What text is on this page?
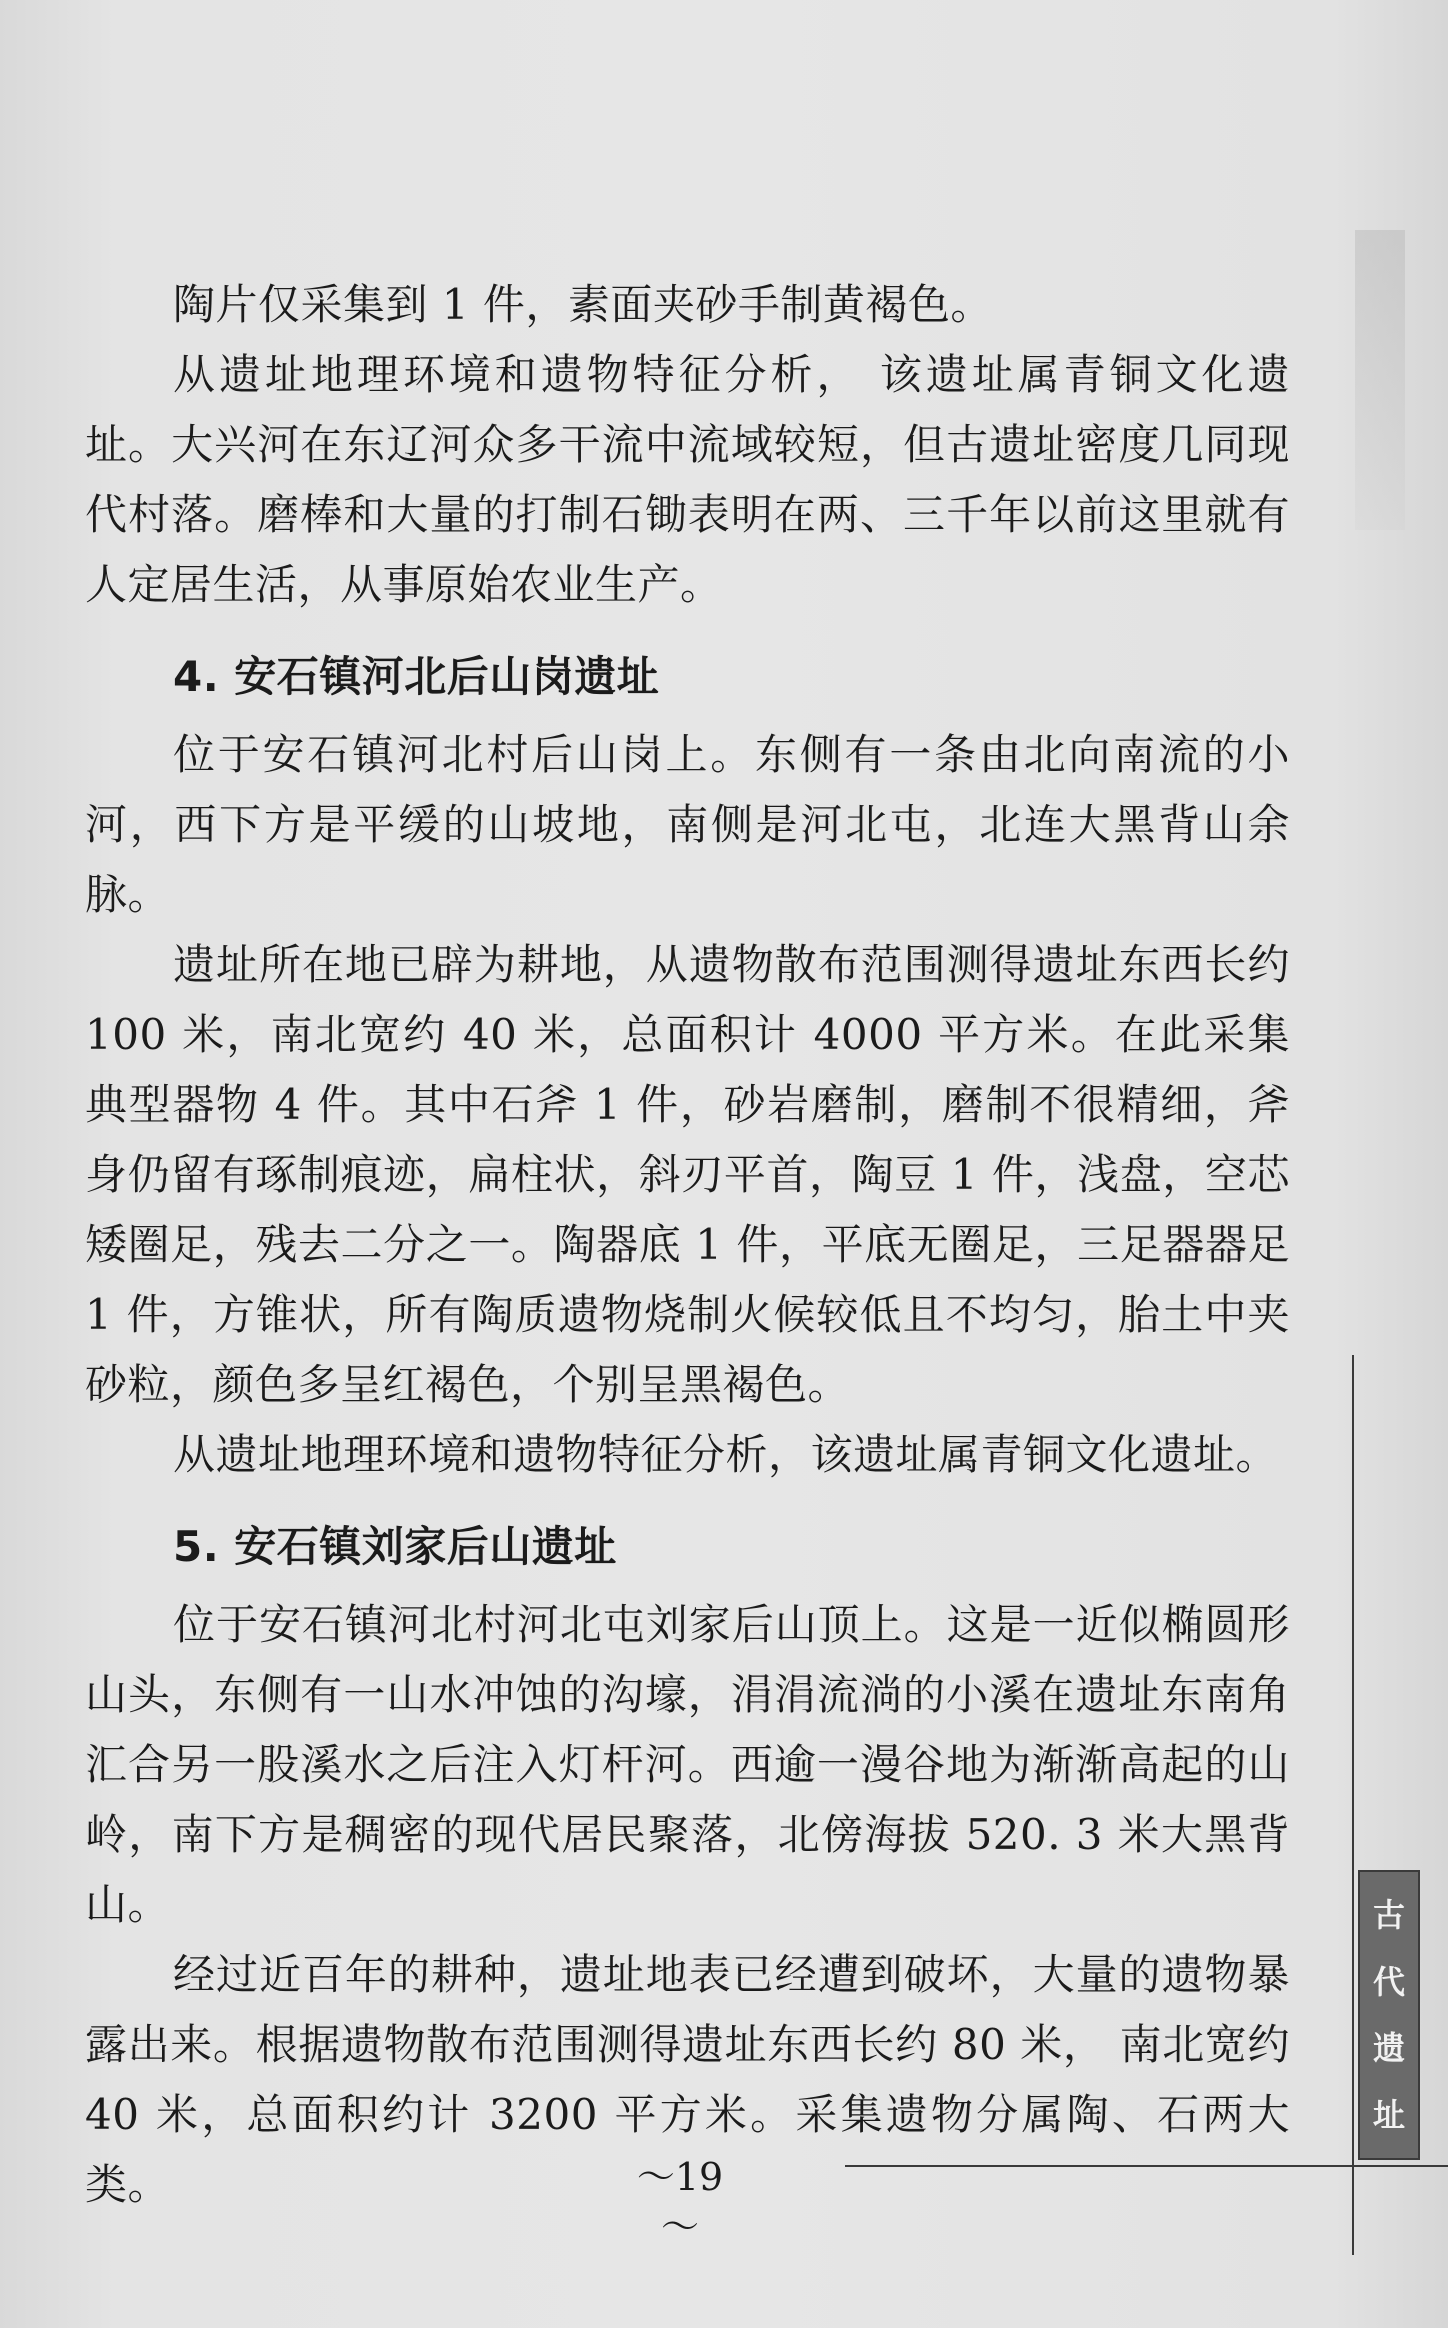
陶片仅采集到 1 件，素面夹砂手制黄褐色。

从遗址地理环境和遗物特征分析， 该遗址属青铜文化遗址。大兴河在东辽河众多干流中流域较短，但古遗址密度几同现代村落。磨棒和大量的打制石锄表明在两、三千年以前这里就有人定居生活，从事原始农业生产。

4. 安石镇河北后山岗遗址

位于安石镇河北村后山岗上。东侧有一条由北向南流的小河，西下方是平缓的山坡地，南侧是河北屯，北连大黑背山余脉。

遗址所在地已辟为耕地，从遗物散布范围测得遗址东西长约100 米，南北宽约 40 米，总面积计 4000 平方米。在此采集典型器物 4 件。其中石斧 1 件，砂岩磨制，磨制不很精细，斧身仍留有琢制痕迹，扁柱状，斜刃平首，陶豆 1 件，浅盘，空芯矮圈足，残去二分之一。陶器底 1 件，平底无圈足，三足器器足 1 件，方锥状，所有陶质遗物烧制火候较低且不均匀，胎土中夹砂粒，颜色多呈红褐色，个别呈黑褐色。

从遗址地理环境和遗物特征分析，该遗址属青铜文化遗址。

5. 安石镇刘家后山遗址

位于安石镇河北村河北屯刘家后山顶上。这是一近似椭圆形山头，东侧有一山水冲蚀的沟壕，涓涓流淌的小溪在遗址东南角汇合另一股溪水之后注入灯杆河。西逾一漫谷地为渐渐高起的山岭，南下方是稠密的现代居民聚落，北傍海拔 520. 3 米大黑背山。

经过近百年的耕种，遗址地表已经遭到破坏，大量的遗物暴露出来。根据遗物散布范围测得遗址东西长约 80 米， 南北宽约40 米，总面积约计 3200 平方米。采集遗物分属陶、石两大类。

古
代
遗
址
～19～
